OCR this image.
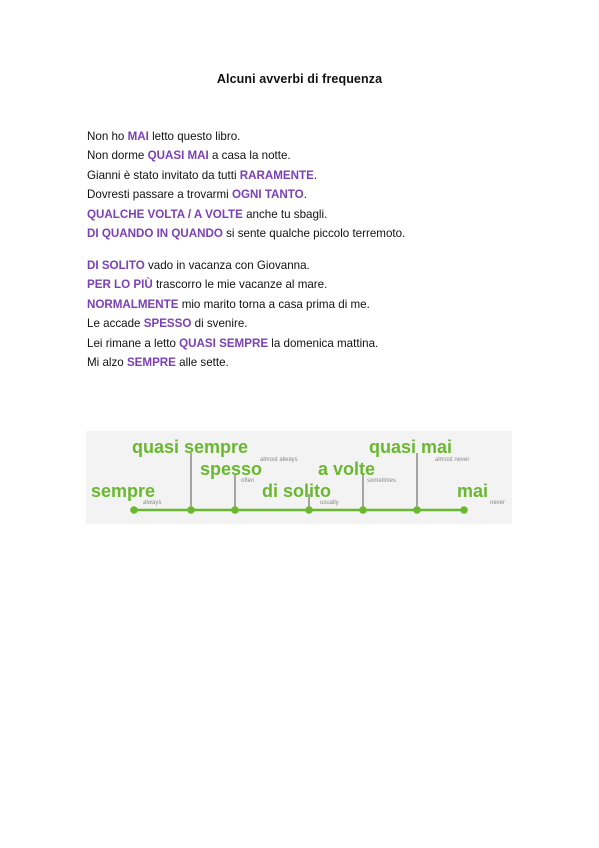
Alcuni avverbi di frequenza
Non ho MAI letto questo libro.
Non dorme QUASI MAI a casa la notte.
Gianni è stato invitato da tutti RARAMENTE.
Dovresti passare a trovarmi OGNI TANTO.
QUALCHE VOLTA / A VOLTE anche tu sbagli.
DI QUANDO IN QUANDO si sente qualche piccolo terremoto.
DI SOLITO vado in vacanza con Giovanna.
PER LO PIÙ trascorro le mie vacanze al mare.
NORMALMENTE mio marito torna a casa prima di me.
Le accade SPESSO di svenire.
Lei rimane a letto QUASI SEMPRE la domenica mattina.
Mi alzo SEMPRE alle sette.
sempre
quasi sempre
spesso
di solito
a volte
quasi mai
mai
always
almost always
often
usually
sometimes
almost never
never
